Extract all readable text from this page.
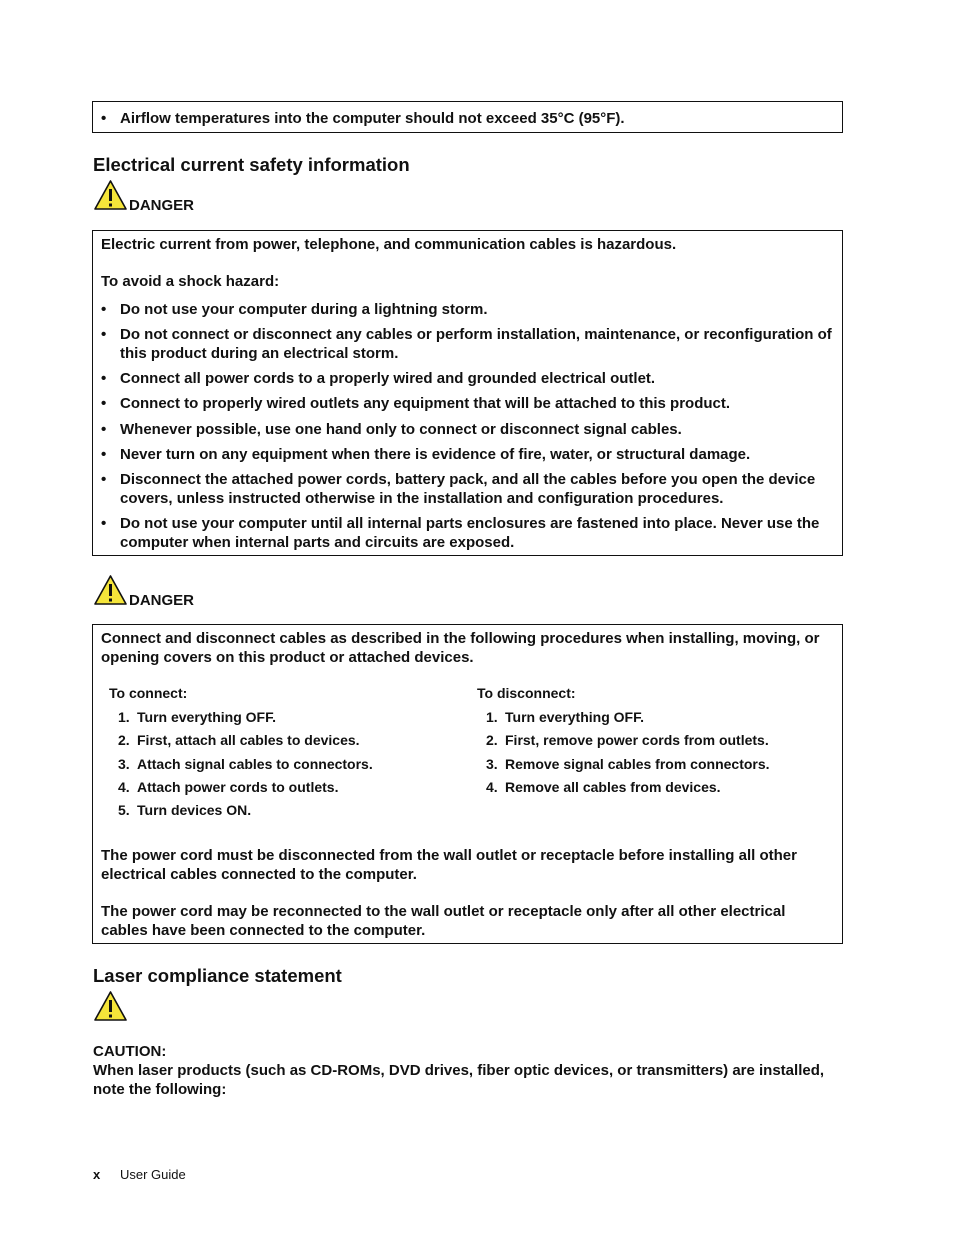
• Airflow temperatures into the computer should not exceed 35°C (95°F).
Electrical current safety information
DANGER
Electric current from power, telephone, and communication cables is hazardous.
To avoid a shock hazard:
• Do not use your computer during a lightning storm.
• Do not connect or disconnect any cables or perform installation, maintenance, or reconfiguration of this product during an electrical storm.
• Connect all power cords to a properly wired and grounded electrical outlet.
• Connect to properly wired outlets any equipment that will be attached to this product.
• Whenever possible, use one hand only to connect or disconnect signal cables.
• Never turn on any equipment when there is evidence of fire, water, or structural damage.
• Disconnect the attached power cords, battery pack, and all the cables before you open the device covers, unless instructed otherwise in the installation and configuration procedures.
• Do not use your computer until all internal parts enclosures are fastened into place. Never use the computer when internal parts and circuits are exposed.
DANGER
Connect and disconnect cables as described in the following procedures when installing, moving, or opening covers on this product or attached devices.
To connect:
1. Turn everything OFF.
2. First, attach all cables to devices.
3. Attach signal cables to connectors.
4. Attach power cords to outlets.
5. Turn devices ON.
To disconnect:
1. Turn everything OFF.
2. First, remove power cords from outlets.
3. Remove signal cables from connectors.
4. Remove all cables from devices.
The power cord must be disconnected from the wall outlet or receptacle before installing all other electrical cables connected to the computer.
The power cord may be reconnected to the wall outlet or receptacle only after all other electrical cables have been connected to the computer.
Laser compliance statement
CAUTION:
When laser products (such as CD-ROMs, DVD drives, fiber optic devices, or transmitters) are installed, note the following:
x User Guide
